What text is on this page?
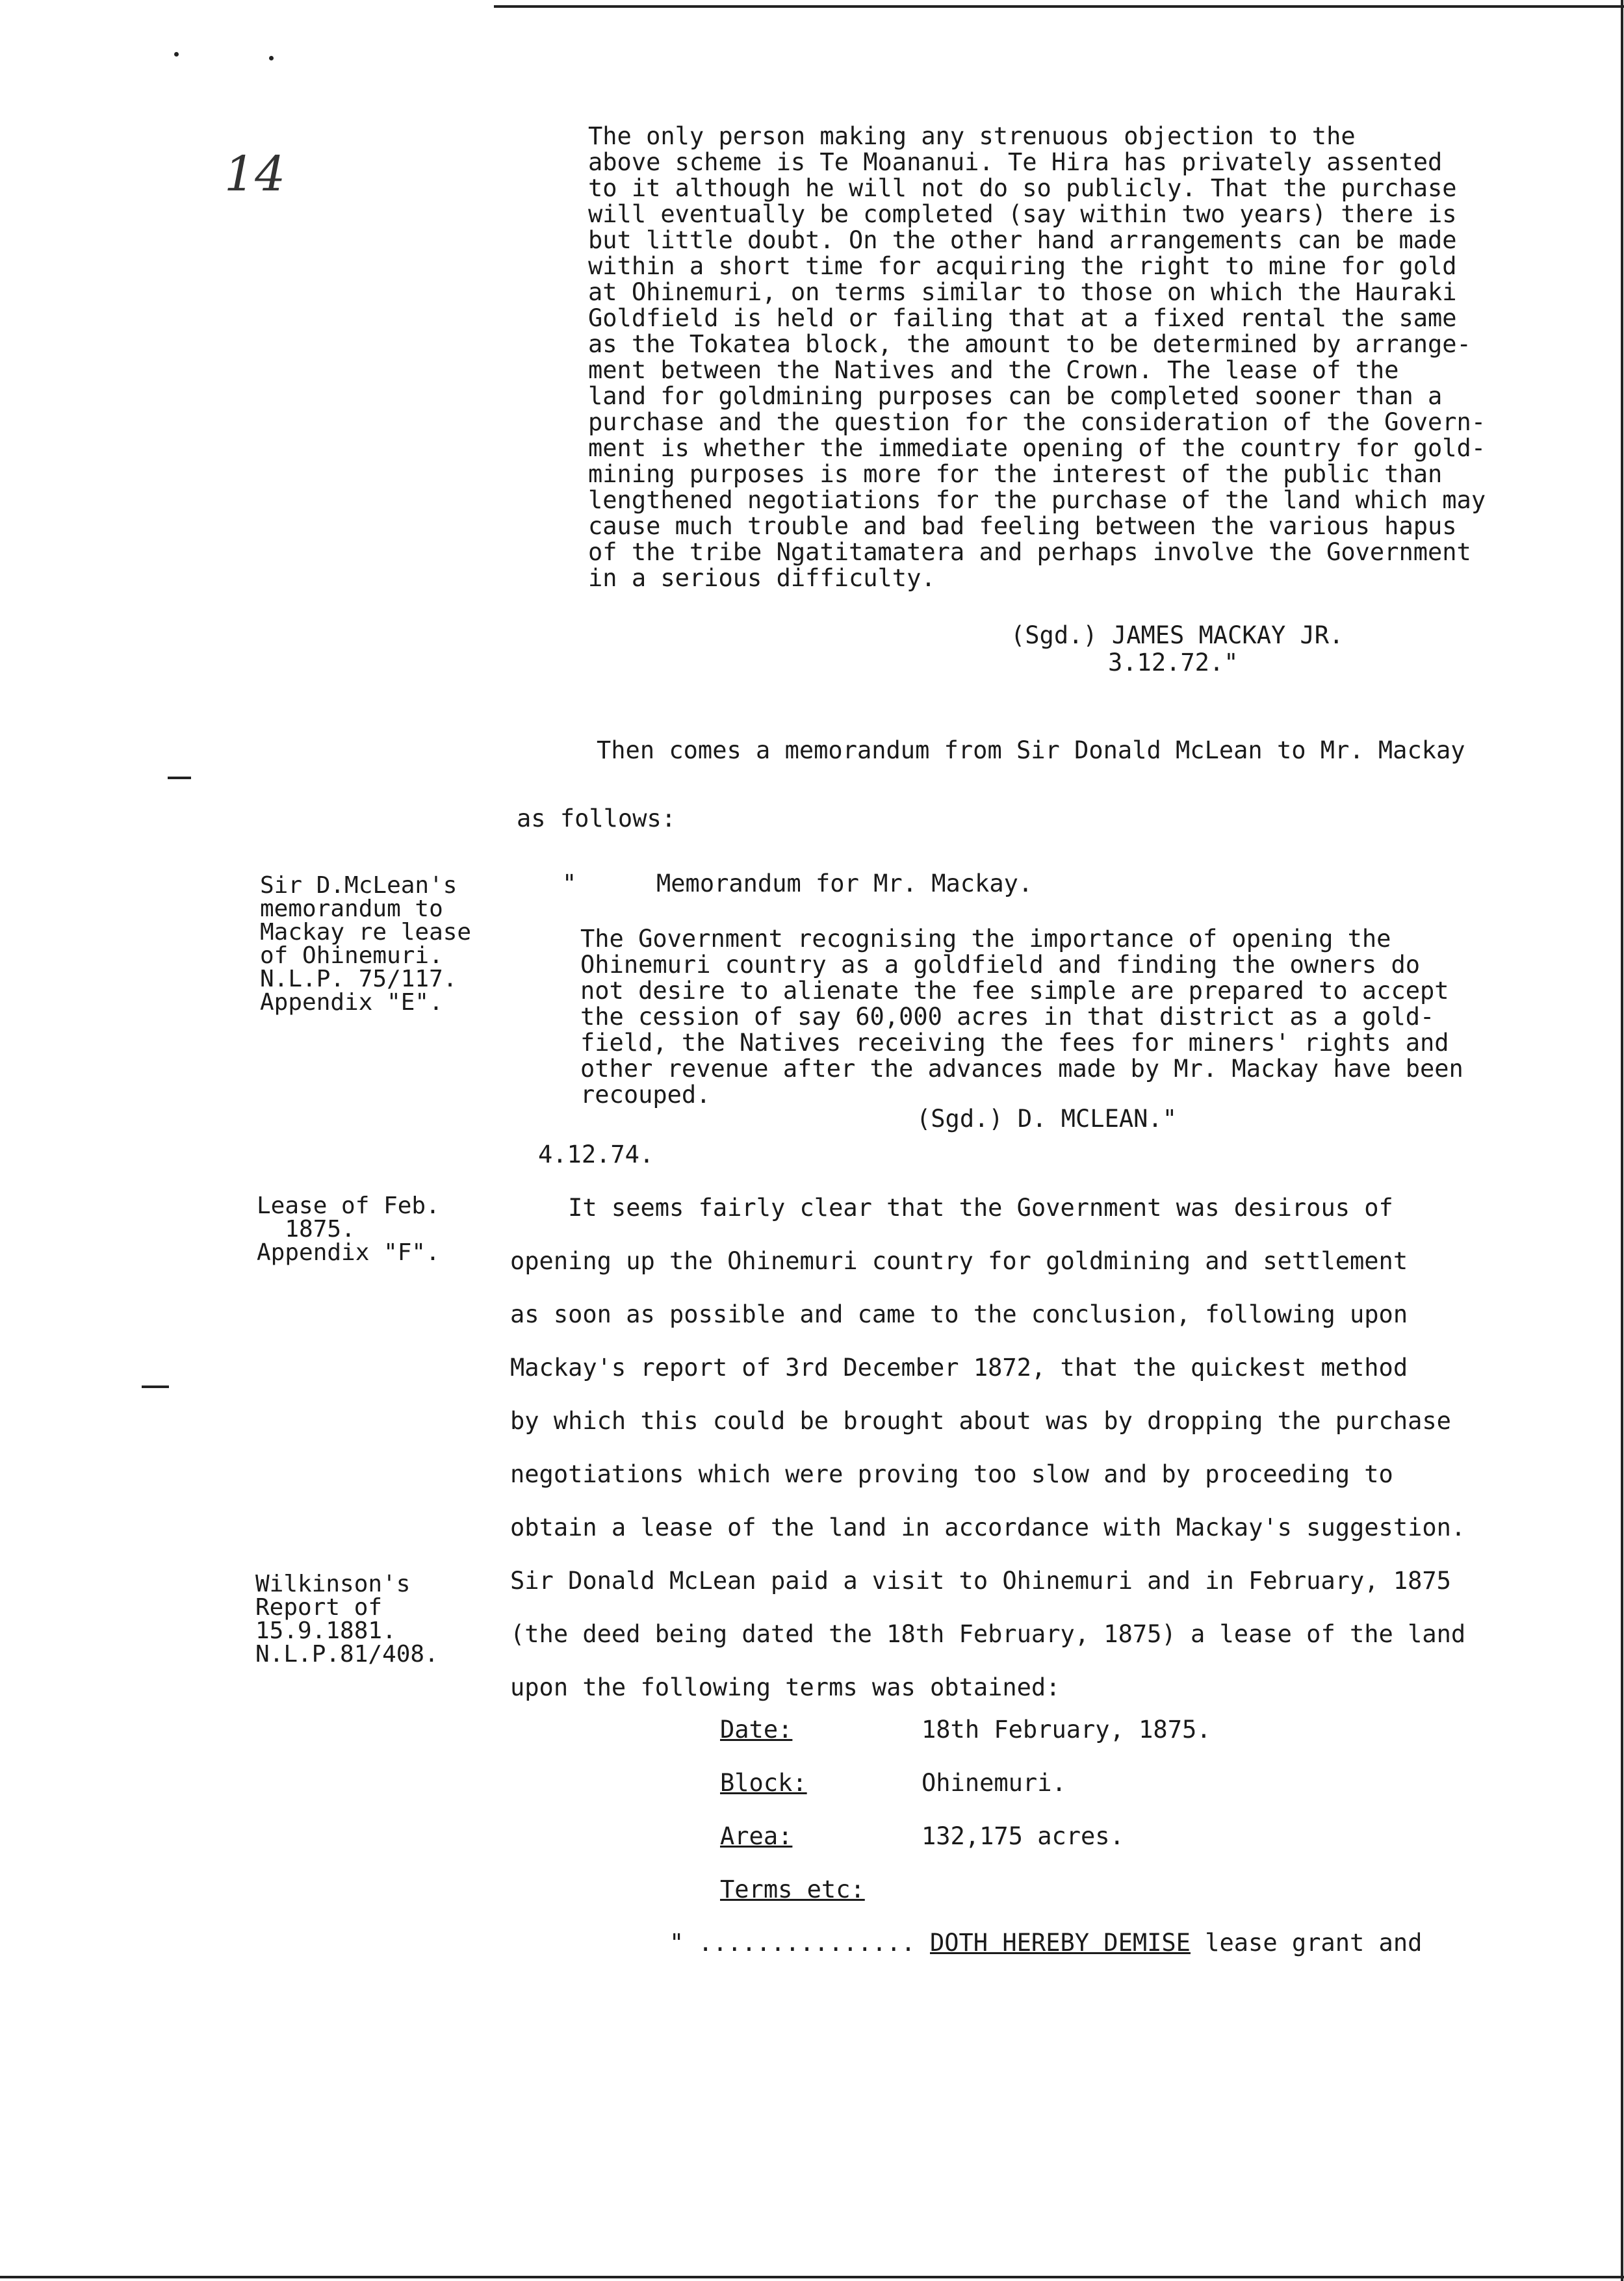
14
The only person making any strenuous objection to the
above scheme is Te Moananui. Te Hira has privately assented
to it although he will not do so publicly. That the purchase
will eventually be completed (say within two years) there is
but little doubt. On the other hand arrangements can be made
within a short time for acquiring the right to mine for gold
at Ohinemuri, on terms similar to those on which the Hauraki
Goldfield is held or failing that at a fixed rental the same
as the Tokatea block, the amount to be determined by arrange-
ment between the Natives and the Crown. The lease of the
land for goldmining purposes can be completed sooner than a
purchase and the question for the consideration of the Govern-
ment is whether the immediate opening of the country for gold-
mining purposes is more for the interest of the public than
lengthened negotiations for the purchase of the land which may
cause much trouble and bad feeling between the various hapus
of the tribe Ngatitamatera and perhaps involve the Government
in a serious difficulty.
(Sgd.) JAMES MACKAY JR.
3.12.72."
Then comes a memorandum from Sir Donald McLean to Mr. Mackay
as follows:
Sir D.McLean's
memorandum to
Mackay re lease
of Ohinemuri.
N.L.P. 75/117.
Appendix "E".
"	Memorandum for Mr. Mackay.
The Government recognising the importance of opening the
Ohinemuri country as a goldfield and finding the owners do
not desire to alienate the fee simple are prepared to accept
the cession of say 60,000 acres in that district as a gold-
field, the Natives receiving the fees for miners' rights and
other revenue after the advances made by Mr. Mackay have been
recouped.
(Sgd.) D. MCLEAN."
4.12.74.
Lease of Feb.
1875.
Appendix "F".
Wilkinson's
Report of
15.9.1881.
N.L.P.81/408.
It seems fairly clear that the Government was desirous of
opening up the Ohinemuri country for goldmining and settlement
as soon as possible and came to the conclusion, following upon
Mackay's report of 3rd December 1872, that the quickest method
by which this could be brought about was by dropping the purchase
negotiations which were proving too slow and by proceeding to
obtain a lease of the land in accordance with Mackay's suggestion.
Sir Donald McLean paid a visit to Ohinemuri and in February, 1875
(the deed being dated the 18th February, 1875) a lease of the land
upon the following terms was obtained:
Date:	18th February, 1875.
Block:	Ohinemuri.
Area:	132,175 acres.
Terms etc:
" ............... DOTH HEREBY DEMISE lease grant and
